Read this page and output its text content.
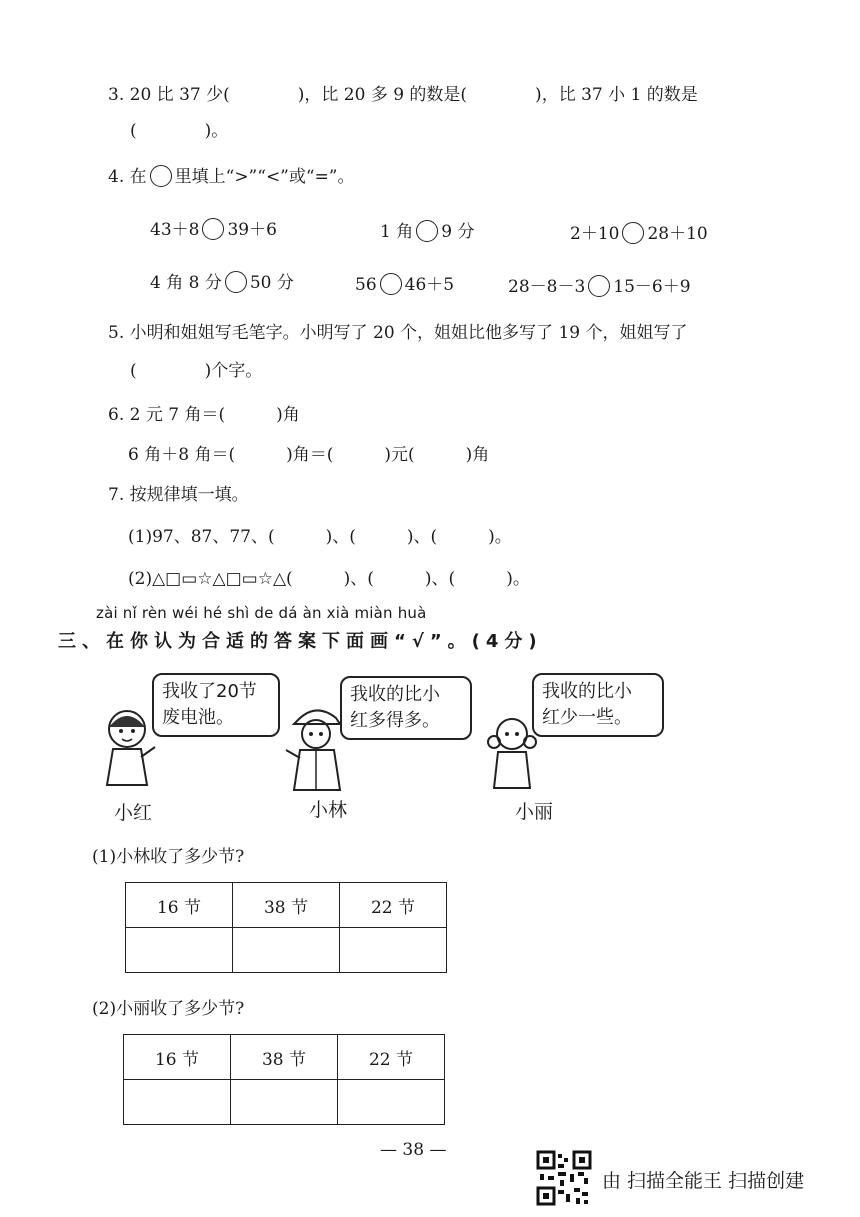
3. 20 比 37 少(　　　　)，比 20 多 9 的数是(　　　　)，比 37 小 1 的数是
(　　　　)。
4. 在 里填上“>”“<”或“=”。
43＋8 39＋6	1 角 9 分	2＋10 28＋10
4 角 8 分 50 分	56 46＋5	28－8－3 15－6＋9
5. 小明和姐姐写毛笔字。小明写了 20 个，姐姐比他多写了 19 个，姐姐写了
(　　　　)个字。
6. 2 元 7 角＝(　　　)角
6 角＋8 角＝(　　　)角＝(　　　)元(　　　)角
7. 按规律填一填。
(1)97、87、77、(　　　)、(　　　)、(　　　)。
(2)△□▭☆△□▭☆△(　　　)、(　　　)、(　　　)。
zài nǐ rèn wéi hé shì de dá àn xià miàn huà
三、在你认为合适的答案下面画“√”。(4分)
我收了20节
废电池。
我收的比小
红多得多。
我收的比小
红少一些。
小红	小林	小丽
(1)小林收了多少节?
16 节	38 节	22 节

(2)小丽收了多少节?
16 节	38 节	22 节

— 38 —
由 扫描全能王 扫描创建
